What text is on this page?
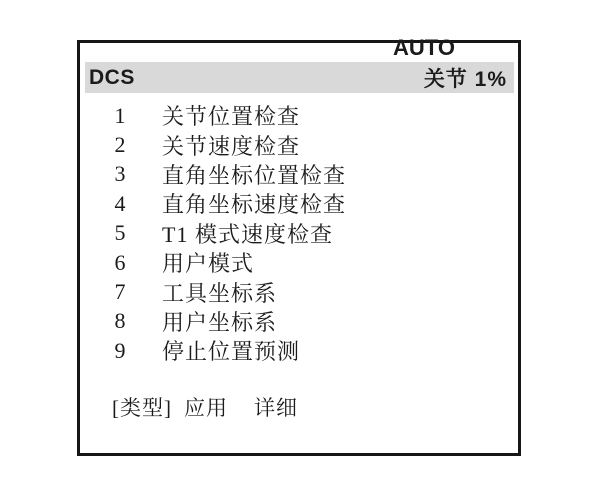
AUTO
DCS	关节 1%
1 关节位置检查
2 关节速度检查
3 直角坐标位置检查
4 直角坐标速度检查
5 T1 模式速度检查
6 用户模式
7 工具坐标系
8 用户坐标系
9 停止位置预测
[类型] 应用 详细
